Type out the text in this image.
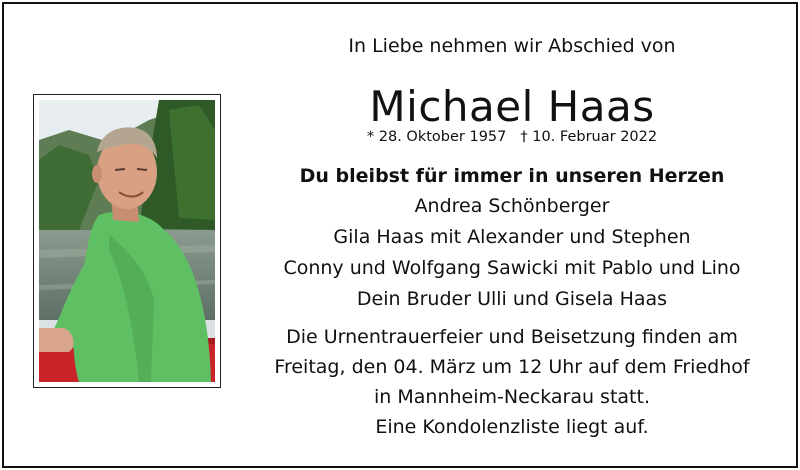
In Liebe nehmen wir Abschied von
Michael Haas
* 28. Oktober 1957 † 10. Februar 2022
Du bleibst für immer in unseren Herzen
Andrea Schönberger
Gila Haas mit Alexander und Stephen
Conny und Wolfgang Sawicki mit Pablo und Lino
Dein Bruder Ulli und Gisela Haas
Die Urnentrauerfeier und Beisetzung finden am
Freitag, den 04. März um 12 Uhr auf dem Friedhof
in Mannheim-Neckarau statt.
Eine Kondolenzliste liegt auf.
